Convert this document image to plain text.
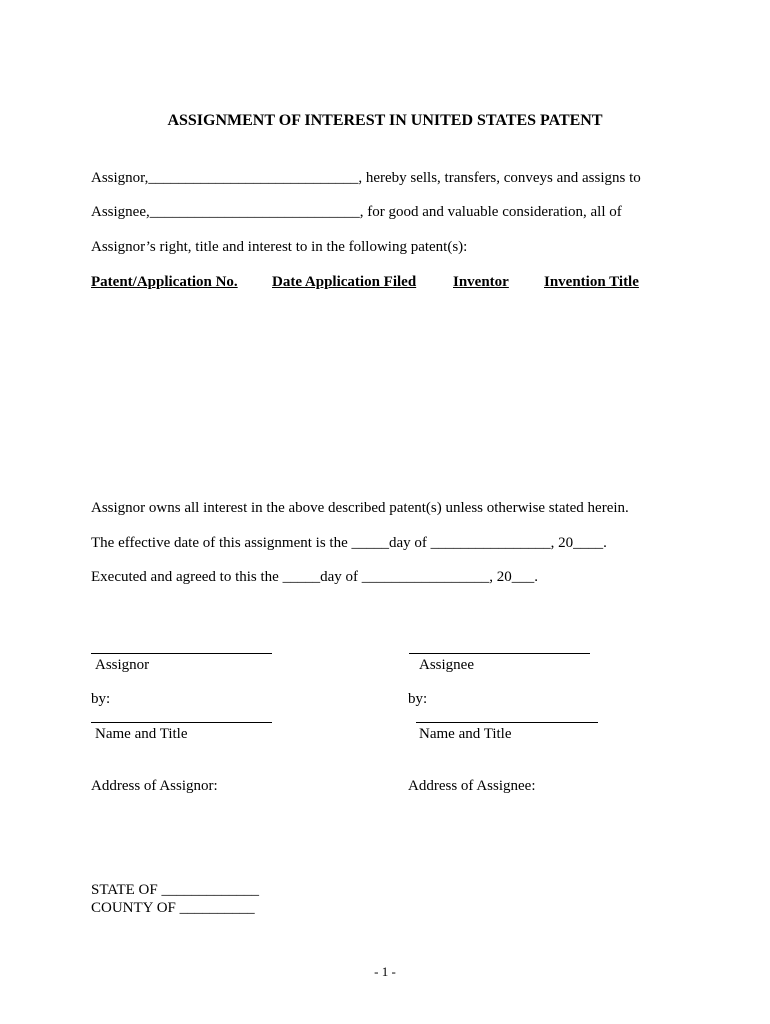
ASSIGNMENT OF INTEREST IN UNITED STATES PATENT
Assignor,____________________________, hereby sells, transfers, conveys and assigns to
Assignee,____________________________, for good and valuable consideration, all of
Assignor’s right, title and interest to in the following patent(s):
Patent/Application No. Date Application Filed Inventor Invention Title
Assignor owns all interest in the above described patent(s) unless otherwise stated herein.
The effective date of this assignment is the _____day of ________________, 20____.
Executed and agreed to this the _____day of _________________, 20___.
Assignor	Assignee
by:	by:
Name and Title	Name and Title
Address of Assignor:	Address of Assignee:
STATE OF _____________
COUNTY OF __________
- 1 -
